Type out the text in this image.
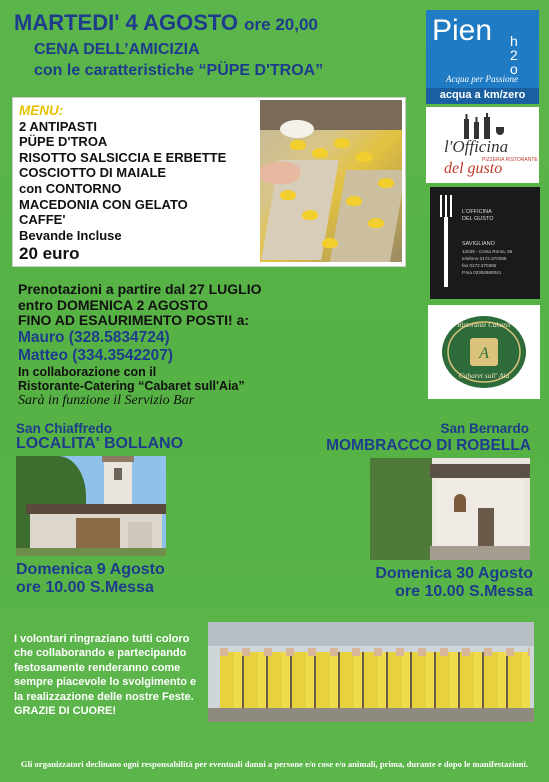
MARTEDI' 4 AGOSTO ore 20,00
CENA DELL’AMICIZIA
con le caratteristiche “PÜPE D'TROA”
MENU:
2 ANTIPASTI
PÜPE D'TROA
RISOTTO SALSICCIA E ERBETTE
COSCIOTTO DI MAIALE
con CONTORNO
MACEDONIA CON GELATO
CAFFE'
Bevande Incluse
20 euro
Pien h2o
Acqua per Passione
acqua a km/zero
l'Officina
PIZZERIA RISTORANTE
del gusto
L'OFFICINA
DEL GUSTO
SAVIGLIANO
12038 - Corso Roma, 55
telefono 0172.370365
fax 0172.370365
P.Iva 02392860041
A
Ristorante Cabaret
Cabaret sull' Aia
Prenotazioni a partire dal 27 LUGLIO
entro DOMENICA 2 AGOSTO
FINO AD ESAURIMENTO POSTI! a:
Mauro (328.5834724)
Matteo (334.3542207)
In collaborazione con il
Ristorante-Catering “Cabaret sull'Aia”
Sarà in funzione il Servizio Bar
San Chiaffredo
LOCALITA' BOLLANO
Domenica 9 Agosto
ore 10.00 S.Messa
San Bernardo
MOMBRACCO DI ROBELLA
Domenica 30 Agosto
ore 10.00 S.Messa
I volontari ringraziano tutti coloro
che collaborando e partecipando
festosamente renderanno come
sempre piacevole lo svolgimento e
la realizzazione delle nostre Feste.
GRAZIE DI CUORE!
Gli organizzatori declinano ogni responsabilità per eventuali danni a persone e/o cose e/o animali, prima, durante e dopo le manifestazioni.
